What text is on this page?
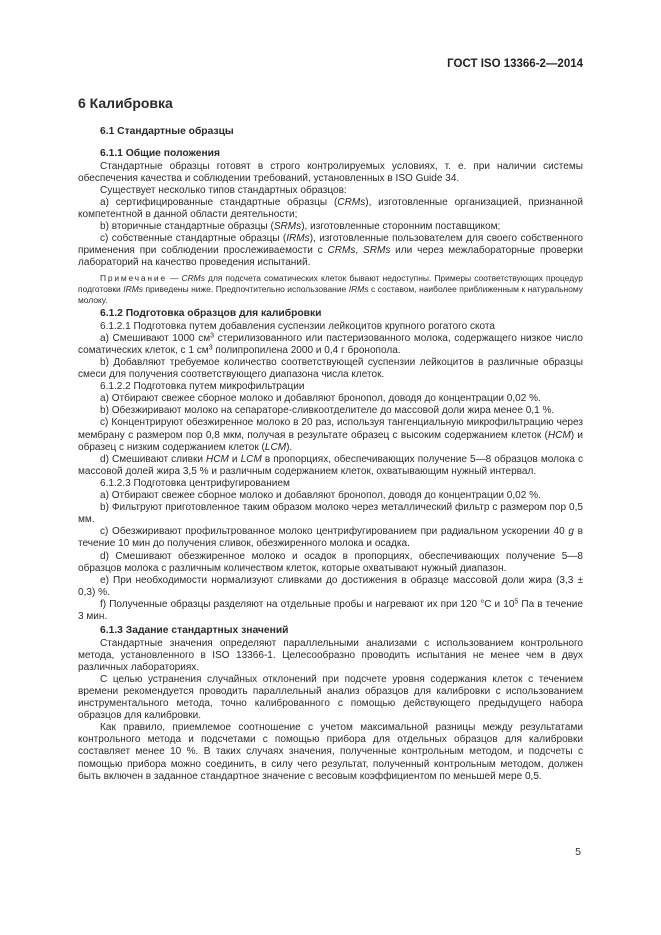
ГОСТ ISO 13366-2—2014

6 Калибровка

6.1 Стандартные образцы

6.1.1 Общие положения

Стандартные образцы готовят в строго контролируемых условиях, т. е. при наличии системы обеспечения качества и соблюдении требований, установленных в ISO Guide 34.

Существует несколько типов стандартных образцов:

a) сертифицированные стандартные образцы (CRMs), изготовленные организацией, признанной компетентной в данной области деятельности;

b) вторичные стандартные образцы (SRMs), изготовленные сторонним поставщиком;

c) собственные стандартные образцы (IRMs), изготовленные пользователем для своего собственного применения при соблюдении прослеживаемости с CRMs, SRMs или через межлабораторные проверки лабораторий на качество проведения испытаний.

Примечание — CRMs для подсчета соматических клеток бывают недоступны. Примеры соответствующих процедур подготовки IRMs приведены ниже. Предпочтительно использование IRMs с составом, наиболее приближенным к натуральному молоку.

6.1.2 Подготовка образцов для калибровки

6.1.2.1 Подготовка путем добавления суспензии лейкоцитов крупного рогатого скота

a) Смешивают 1000 $см^3$ стерилизованного или пастеризованного молока, содержащего низкое число соматических клеток, с 1 $см^3$ полипропилена 2000 и 0,4 г бронопола.

b) Добавляют требуемое количество соответствующей суспензии лейкоцитов в различные образцы смеси для получения соответствующего диапазона числа клеток.

6.1.2.2 Подготовка путем микрофильтрации

a) Отбирают свежее сборное молоко и добавляют бронопол, доводя до концентрации 0,02 %.

b) Обезжиривают молоко на сепараторе-сливкоотделителе до массовой доли жира менее 0,1 %.

c) Концентрируют обезжиренное молоко в 20 раз, используя тангенциальную микрофильтрацию через мембрану с размером пор 0,8 мкм, получая в результате образец с высоким содержанием клеток (HCM) и образец с низким содержанием клеток (LCM).

d) Смешивают сливки HCM и LCM в пропорциях, обеспечивающих получение 5—8 образцов молока с массовой долей жира 3,5 % и различным содержанием клеток, охватывающим нужный интервал.

6.1.2.3 Подготовка центрифугированием

a) Отбирают свежее сборное молоко и добавляют бронопол, доводя до концентрации 0,02 %.

b) Фильтруют приготовленное таким образом молоко через металлический фильтр с размером пор 0,5 мм.

c) Обезжиривают профильтрованное молоко центрифугированием при радиальном ускорении 40 g в течение 10 мин до получения сливок, обезжиренного молока и осадка.

d) Смешивают обезжиренное молоко и осадок в пропорциях, обеспечивающих получение 5—8 образцов молока с различным количеством клеток, которые охватывают нужный диапазон.

e) При необходимости нормализуют сливками до достижения в образце массовой доли жира (3,3 ± 0,3) %.

f) Полученные образцы разделяют на отдельные пробы и нагревают их при 120 °С и $10^5$ Па в течение 3 мин.

6.1.3 Задание стандартных значений

Стандартные значения определяют параллельными анализами с использованием контрольного метода, установленного в ISO 13366-1. Целесообразно проводить испытания не менее чем в двух различных лабораториях.

С целью устранения случайных отклонений при подсчете уровня содержания клеток с течением времени рекомендуется проводить параллельный анализ образцов для калибровки с использованием инструментального метода, точно калиброванного с помощью действующего предыдущего набора образцов для калибровки.

Как правило, приемлемое соотношение с учетом максимальной разницы между результатами контрольного метода и подсчетами с помощью прибора для отдельных образцов для калибровки составляет менее 10 %. В таких случаях значения, полученные контрольным методом, и подсчеты с помощью прибора можно соединить, в силу чего результат, полученный контрольным методом, должен быть включен в заданное стандартное значение с весовым коэффициентом по меньшей мере 0,5.

5
